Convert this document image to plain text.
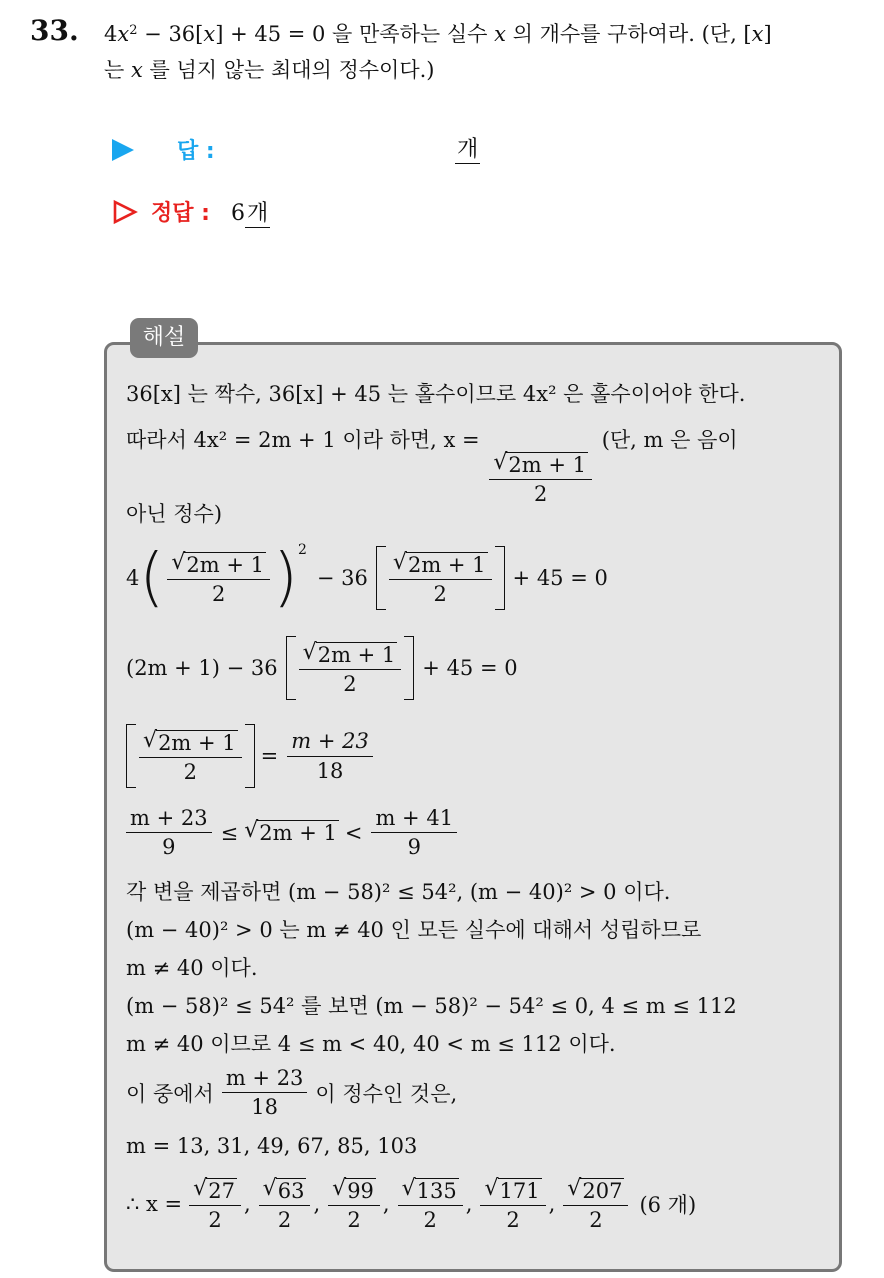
33. $4x^2 - 36[x] + 45 = 0$ 을 만족하는 실수 x 의 개수를 구하여라. (단, [x]
는 x 를 넘지 않는 최대의 정수이다.)
답 :	개
정답 : 6개
해설
36[x] 는 짝수, 36[x] + 45 는 홀수이므로 4x² 은 홀수이어야 한다.
따라서 4x² = 2m + 1 이라 하면, x =
$\frac{√ 2m + 1}{2}$
(단, m 은 음이
아닌 정수)
4 ( $\frac{√ 2m + 1}{2}$ ) 2
− $36 \frac{√ 2m + 1}{2} + 45 = 0$
$(2m + 1) - 36 \frac{√ 2m + 1}{2} + 45 = 0$
$\frac{√ 2m + 1}{2} = \frac{m + 23}{18}$
$\frac{m + 23}{9}$ ≤ √ $2m + 1 < \frac{m + 41}{9}$
각 변을 제곱하면 (m − 58)² ≤ 54², (m − 40)² > 0 이다.
(m − 40)² > 0 는 m ≠ 40 인 모든 실수에 대해서 성립하므로
m ≠ 40 이다.
(m − 58)² ≤ 54² 를 보면 (m − 58)² − 54² ≤ 0, 4 ≤ m ≤ 112
m ≠ 40 이므로 4 ≤ m < 40, 40 < m ≤ 112 이다.
이 중에서 $\frac{m + 23}{18}$ 이 정수인 것은,
m = 13, 31, 49, 67, 85, 103
∴ $x = \frac{√ 27}{2}$ , $\frac{√ 63}{2}$ , $\frac{√ 99}{2}$ , $\frac{√ 135}{2}$ , $\frac{√ 171}{2}$ , $\frac{√ 207}{2} (6$ 개)
